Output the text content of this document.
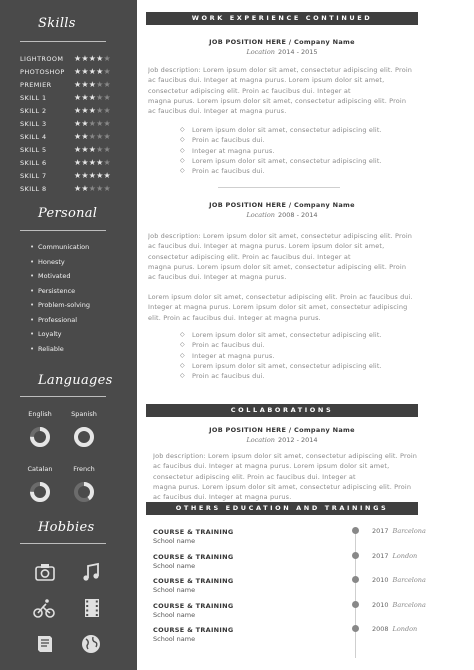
Skills
LIGHTROOM	★★★★★
PHOTOSHOP	★★★★★
PREMIER	★★★★★
SKILL 1	★★★★★
SKILL 2	★★★★★
SKILL 3	★★★★★
SKILL 4	★★★★★
SKILL 5	★★★★★
SKILL 6	★★★★★
SKILL 7	★★★★★
SKILL 8	★★★★★
Personal
• Communication
• Honesty
• Motivated
• Persistence
• Problem-solving
• Professional
• Loyalty
• Reliable
Languages
English	Spanish
Catalan	French
Hobbies
WORK EXPERIENCE CONTINUED
JOB POSITION HERE / Company Name
Location 2014 - 2015
Job description: Lorem ipsum dolor sit amet, consectetur adipiscing elit. Proin
ac faucibus dui. Integer at magna purus. Lorem ipsum dolor sit amet,
consectetur adipiscing elit. Proin ac faucibus dui. Integer at
magna purus. Lorem ipsum dolor sit amet, consectetur adipiscing elit. Proin
ac faucibus dui. Integer at magna purus.
◇ Lorem ipsum dolor sit amet, consectetur adipiscing elit.
◇ Proin ac faucibus dui.
◇ Integer at magna purus.
◇ Lorem ipsum dolor sit amet, consectetur adipiscing elit.
◇ Proin ac faucibus dui.
JOB POSITION HERE / Company Name
Location 2008 - 2014
Job description: Lorem ipsum dolor sit amet, consectetur adipiscing elit. Proin
ac faucibus dui. Integer at magna purus. Lorem ipsum dolor sit amet,
consectetur adipiscing elit. Proin ac faucibus dui. Integer at
magna purus. Lorem ipsum dolor sit amet, consectetur adipiscing elit. Proin
ac faucibus dui. Integer at magna purus.
Lorem ipsum dolor sit amet, consectetur adipiscing elit. Proin ac faucibus dui.
Integer at magna purus. Lorem ipsum dolor sit amet, consectetur adipiscing
elit. Proin ac faucibus dui. Integer at magna purus.
◇ Lorem ipsum dolor sit amet, consectetur adipiscing elit.
◇ Proin ac faucibus dui.
◇ Integer at magna purus.
◇ Lorem ipsum dolor sit amet, consectetur adipiscing elit.
◇ Proin ac faucibus dui.
COLLABORATIONS
JOB POSITION HERE / Company Name
Location 2012 - 2014
Job description: Lorem ipsum dolor sit amet, consectetur adipiscing elit. Proin
ac faucibus dui. Integer at magna purus. Lorem ipsum dolor sit amet,
consectetur adipiscing elit. Proin ac faucibus dui. Integer at
magna purus. Lorem ipsum dolor sit amet, consectetur adipiscing elit. Proin
ac faucibus dui. Integer at magna purus.
OTHERS EDUCATION AND TRAININGS
COURSE & TRAINING
School name
2017 Barcelona
COURSE & TRAINING
School name
2017 London
COURSE & TRAINING
School name
2010 Barcelona
COURSE & TRAINING
School name
2010 Barcelona
COURSE & TRAINING
School name
2008 London
